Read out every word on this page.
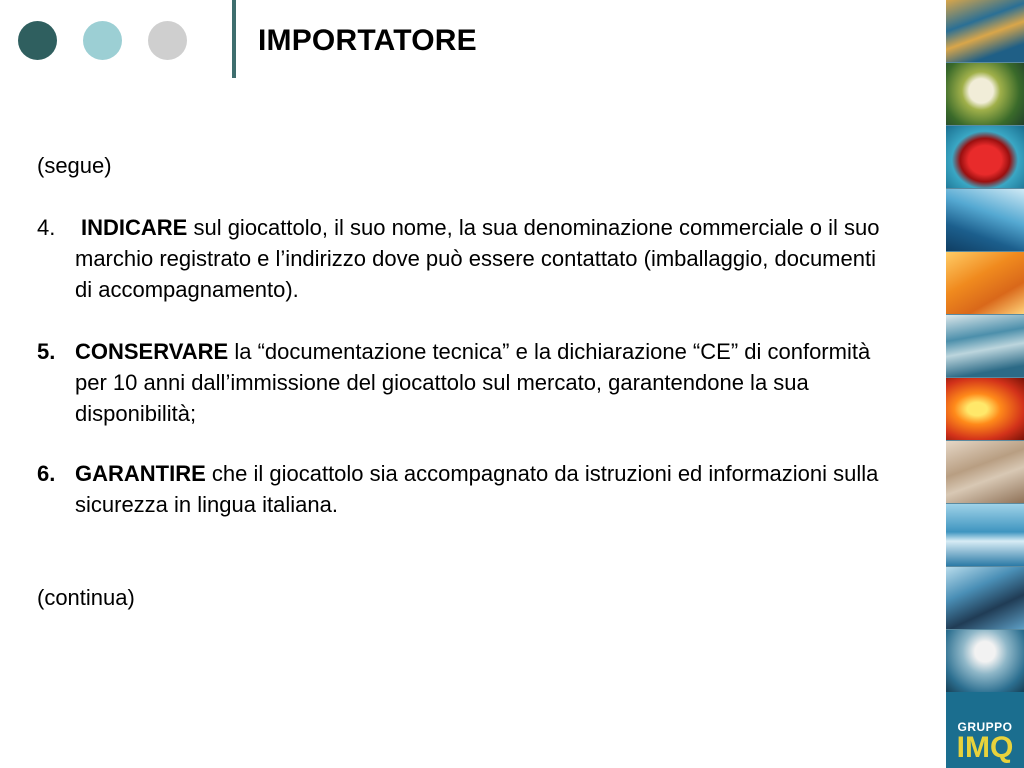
IMPORTATORE
(segue)
4. INDICARE sul giocattolo, il suo nome, la sua denominazione commerciale o il suo marchio registrato e l’indirizzo dove può essere contattato (imballaggio, documenti di accompagnamento).
5. CONSERVARE la “documentazione tecnica” e la dichiarazione “CE” di conformità per 10 anni dall’immissione del giocattolo sul mercato, garantendone la sua disponibilità;
6. GARANTIRE che il giocattolo sia accompagnato da istruzioni ed informazioni sulla sicurezza in lingua italiana.
(continua)
GRUPPO
IMQ
